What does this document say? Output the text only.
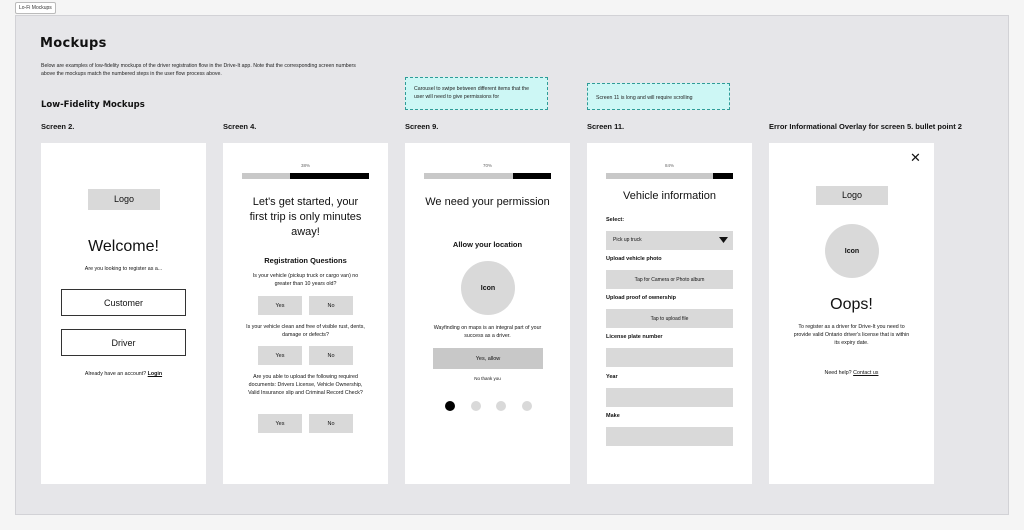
Lo-Fi Mockups
Mockups
Below are examples of low-fidelity mockups of the driver registration flow in the Drive-It app. Note that the corresponding screen numbers above the mockups match the numbered steps in the user flow process above.
Low-Fidelity Mockups
Carousel to swipe between different items that the user will need to give permissions for	Screen 11 is long and will require scrolling
Screen 2.	Screen 4.	Screen 9.	Screen 11.	Error Informational Overlay for screen 5. bullet point 2
Logo
Welcome!
Are you looking to register as a...
Customer
Driver
Already have an account? Login
38%
Let's get started, your first trip is only minutes away!
Registration Questions
Is your vehicle (pickup truck or cargo van) no greater than 10 years old?
Yes	No
Is your vehicle clean and free of visible rust, dents, damage or defects?
Yes	No
Are you able to upload the following required documents: Drivers License, Vehicle Ownership, Valid Insurance slip and Criminal Record Check?
Yes	No
70%
We need your permission
Allow your location
Icon
Wayfinding on maps is an integral part of your success as a driver.
Yes, allow
No thank you
84%
Vehicle information
Select:
Pick up truck
Upload vehicle photo
Tap for Camera or Photo album
Upload proof of ownership
Tap to upload file
License plate number
Year
Make
✕
Logo
Icon
Oops!
To register as a driver for Drive-It you need to provide valid Ontario driver's license that is within its expiry date.
Need help? Contact us
